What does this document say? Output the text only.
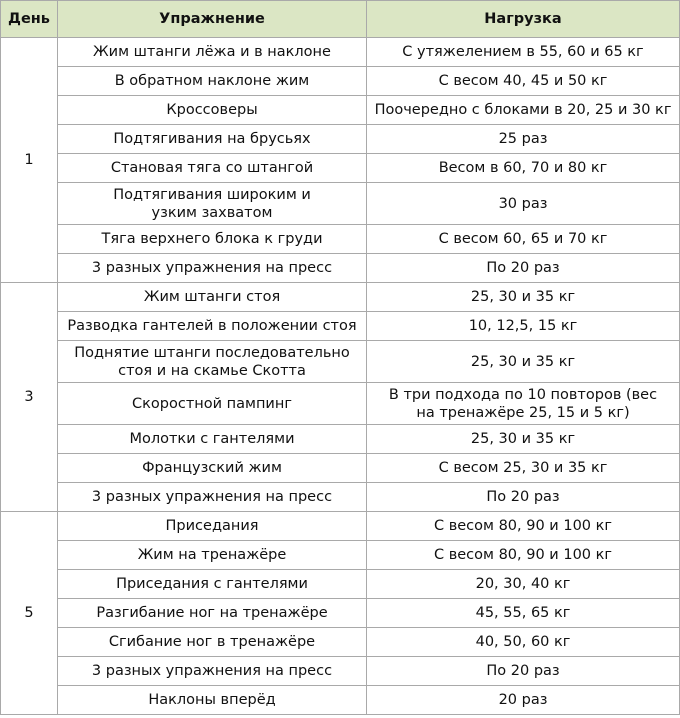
День	Упражнение	Нагрузка
1	Жим штанги лёжа и в наклоне	С утяжелением в 55, 60 и 65 кг
	В обратном наклоне жим	С весом 40, 45 и 50 кг
	Кроссоверы	Поочередно с блоками в 20, 25 и 30 кг
	Подтягивания на брусьях	25 раз
	Становая тяга со штангой	Весом в 60, 70 и 80 кг
	Подтягивания широким и узким захватом	30 раз
	Тяга верхнего блока к груди	С весом 60, 65 и 70 кг
	3 разных упражнения на пресс	По 20 раз
3	Жим штанги стоя	25, 30 и 35 кг
	Разводка гантелей в положении стоя	10, 12,5, 15 кг
	Поднятие штанги последовательно стоя и на скамье Скотта	25, 30 и 35 кг
	Скоростной пампинг	В три подхода по 10 повторов (вес на тренажёре 25, 15 и 5 кг)
	Молотки с гантелями	25, 30 и 35 кг
	Французский жим	С весом 25, 30 и 35 кг
	3 разных упражнения на пресс	По 20 раз
5	Приседания	С весом 80, 90 и 100 кг
	Жим на тренажёре	С весом 80, 90 и 100 кг
	Приседания с гантелями	20, 30, 40 кг
	Разгибание ног на тренажёре	45, 55, 65 кг
	Сгибание ног в тренажёре	40, 50, 60 кг
	3 разных упражнения на пресс	По 20 раз
	Наклоны вперёд	20 раз
